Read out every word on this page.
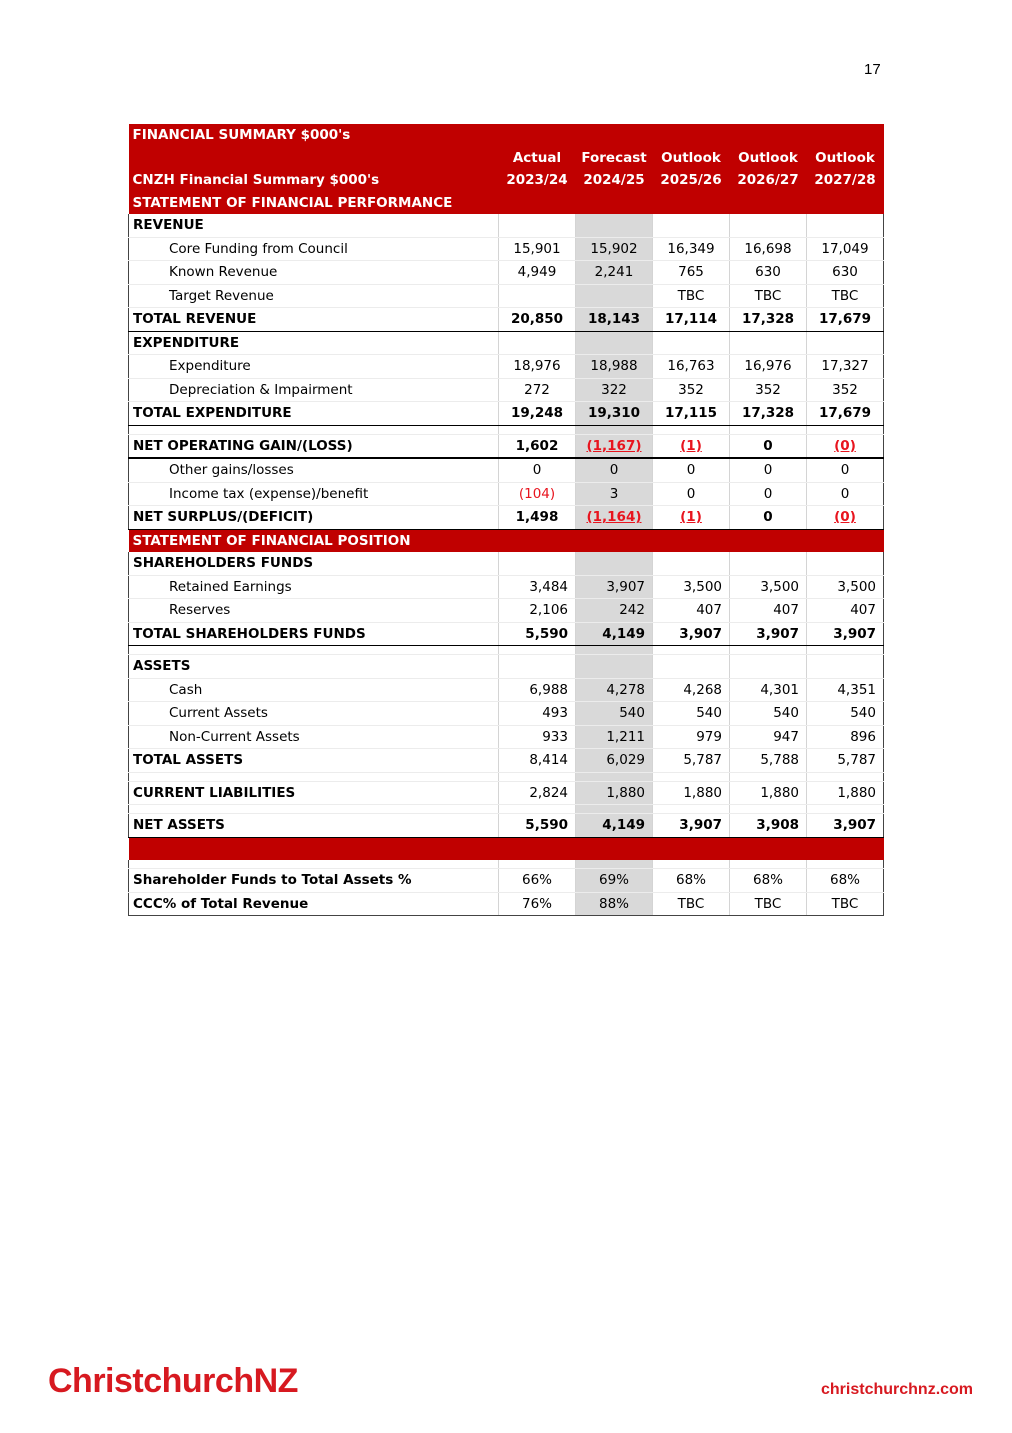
17
FINANCIAL SUMMARY $000's					
	Actual	Forecast	Outlook	Outlook	Outlook
CNZH Financial Summary $000's	2023/24	2024/25	2025/26	2026/27	2027/28
STATEMENT OF FINANCIAL PERFORMANCE					
REVENUE					
Core Funding from Council	15,901	15,902	16,349	16,698	17,049
Known Revenue	4,949	2,241	765	630	630
Target Revenue			TBC	TBC	TBC
TOTAL REVENUE	20,850	18,143	17,114	17,328	17,679
EXPENDITURE					
Expenditure	18,976	18,988	16,763	16,976	17,327
Depreciation & Impairment	272	322	352	352	352
TOTAL EXPENDITURE	19,248	19,310	17,115	17,328	17,679

NET OPERATING GAIN/(LOSS)	1,602	(1,167)	(1)	0	(0)
Other gains/losses	0	0	0	0	0
Income tax (expense)/benefit	(104)	3	0	0	0
NET SURPLUS/(DEFICIT)	1,498	(1,164)	(1)	0	(0)
STATEMENT OF FINANCIAL POSITION					
SHAREHOLDERS FUNDS					
Retained Earnings	3,484	3,907	3,500	3,500	3,500
Reserves	2,106	242	407	407	407
TOTAL SHAREHOLDERS FUNDS	5,590	4,149	3,907	3,907	3,907

ASSETS					
Cash	6,988	4,278	4,268	4,301	4,351
Current Assets	493	540	540	540	540
Non-Current Assets	933	1,211	979	947	896
TOTAL ASSETS	8,414	6,029	5,787	5,788	5,787

CURRENT LIABILITIES	2,824	1,880	1,880	1,880	1,880

NET ASSETS	5,590	4,149	3,907	3,908	3,907

Shareholder Funds to Total Assets %	66%	69%	68%	68%	68%
CCC% of Total Revenue	76%	88%	TBC	TBC	TBC
ChristchurchNZ	christchurchnz.com
